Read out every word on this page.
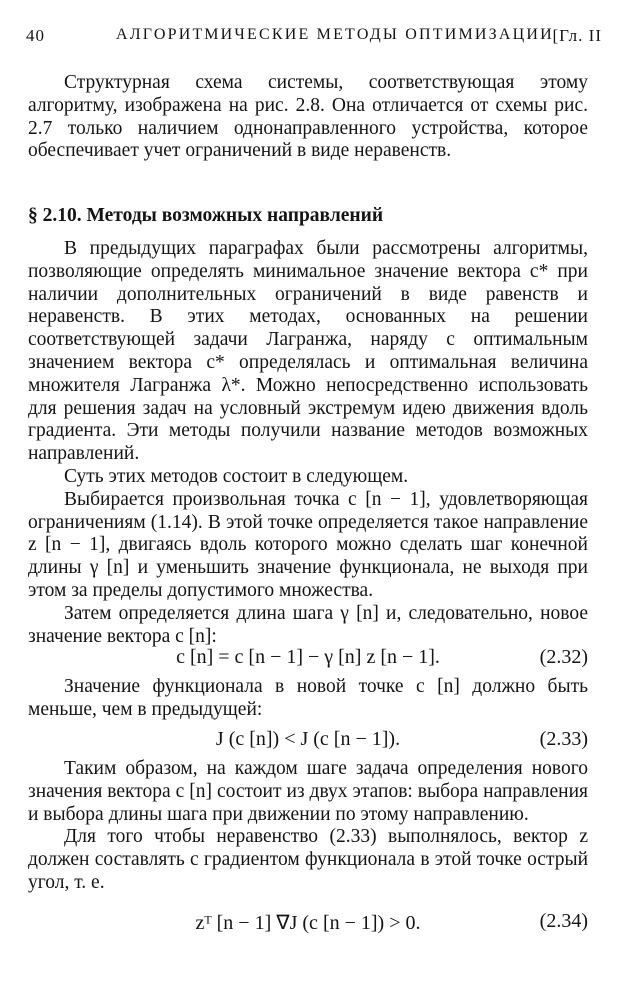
40	АЛГОРИТМИЧЕСКИЕ МЕТОДЫ ОПТИМИЗАЦИИ
[Гл. II

Структурная схема системы, соответствующая этому алгоритму, изображена на рис. 2.8. Она отличается от схемы рис. 2.7 только наличием однонаправленного устройства, которое обеспечивает учет ограничений в виде неравенств.

§ 2.10. Методы возможных направлений

В предыдущих параграфах были рассмотрены алгоритмы, позволяющие определять минимальное значение вектора c* при наличии дополнительных ограничений в виде равенств и неравенств. В этих методах, основанных на решении соответствующей задачи Лагранжа, наряду с оптимальным значением вектора c* определялась и оптимальная величина множителя Лагранжа λ*. Можно непосредственно использовать для решения задач на условный экстремум идею движения вдоль градиента. Эти методы получили название методов возможных направлений.

Суть этих методов состоит в следующем.

Выбирается произвольная точка c [n − 1], удовлетворяющая ограничениям (1.14). В этой точке определяется такое направление z [n − 1], двигаясь вдоль которого можно сделать шаг конечной длины γ [n] и уменьшить значение функционала, не выходя при этом за пределы допустимого множества.

Затем определяется длина шага γ [n] и, следовательно, новое значение вектора c [n]:

c [n] = c [n − 1] − γ [n] z [n − 1].	(2.32)

Значение функционала в новой точке c [n] должно быть меньше, чем в предыдущей:

J (c [n]) < J (c [n − 1]).	(2.33)

Таким образом, на каждом шаге задача определения нового значения вектора c [n] состоит из двух этапов: выбора направления и выбора длины шага при движении по этому направлению.

Для того чтобы неравенство (2.33) выполнялось, вектор z должен составлять с градиентом функционала в этой точке острый угол, т. е.

zᵀ [n − 1] ∇J (c [n − 1]) > 0.	(2.34)
